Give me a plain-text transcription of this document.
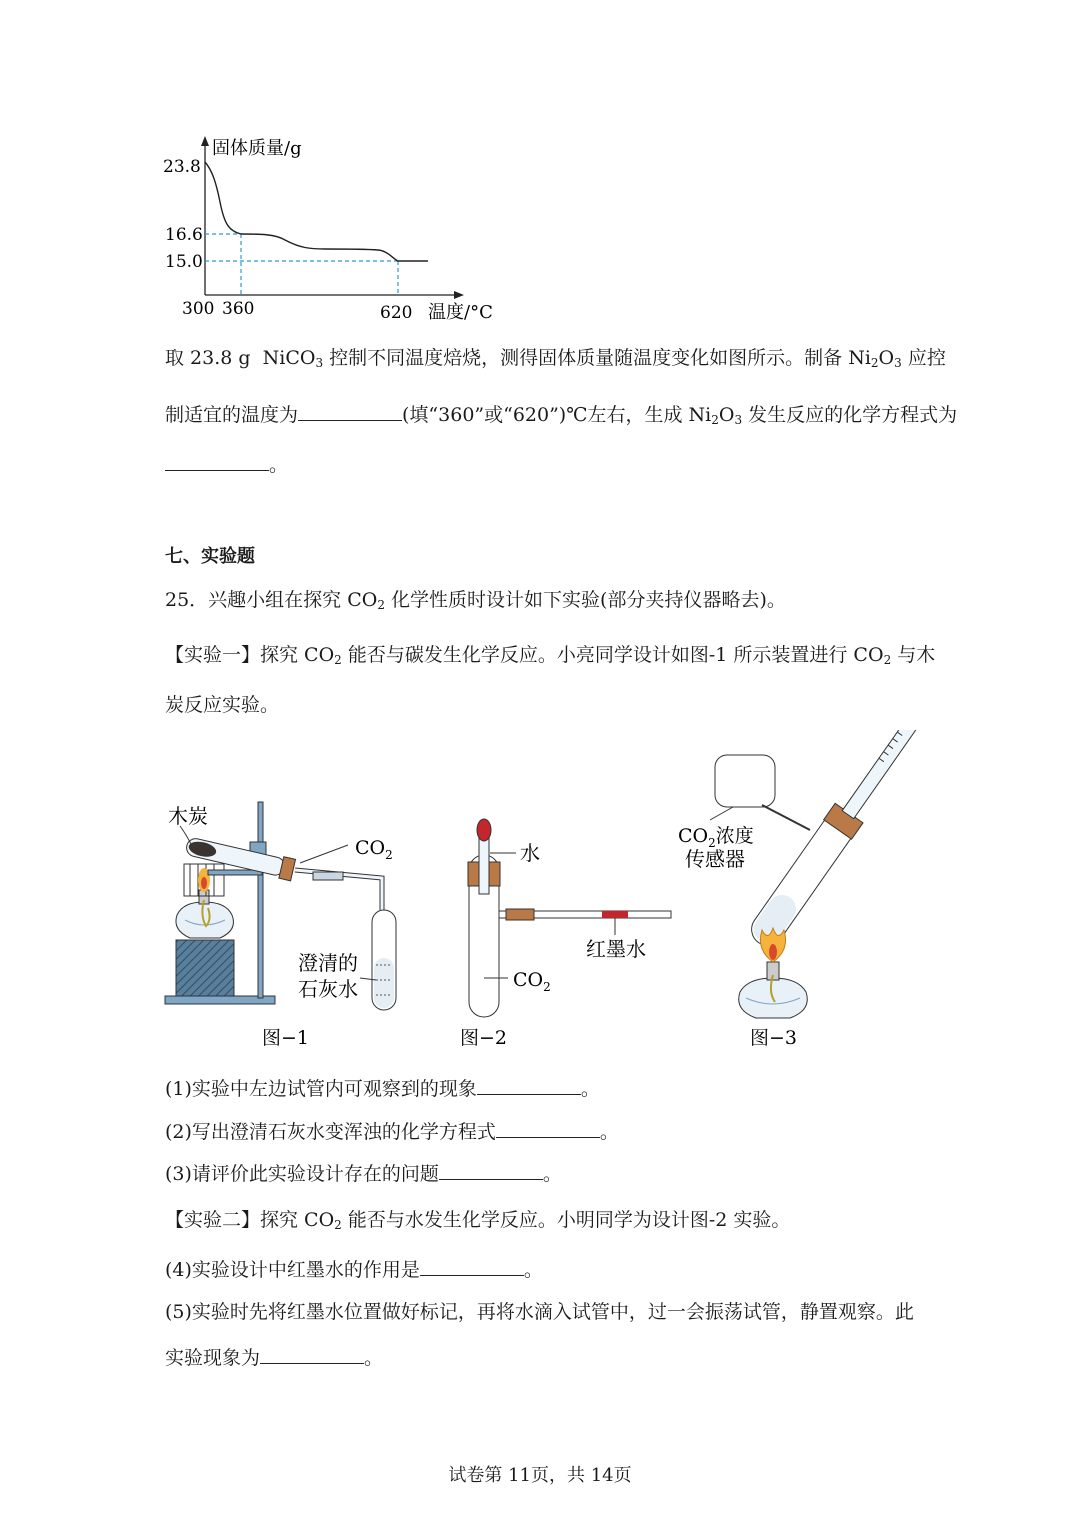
固体质量/g
23.8
16.6
15.0
300 360	620 温度/°C
取 23.8 g NiCO$_3$ 控制不同温度焙烧，测得固体质量随温度变化如图所示。制备 $Ni_2O_3$ 应控
制适宜的温度为	(填“360”或“620”)℃左右，生成 $Ni_2O_3$ 发生反应的化学方程式为
。
七、实验题
25．兴趣小组在探究 $CO_2$ 化学性质时设计如下实验(部分夹持仪器略去)。
【实验一】探究 $CO_2$ 能否与碳发生化学反应。小亮同学设计如图-1 所示装置进行 $CO_2$ 与木
炭反应实验。
木炭
$CO_2$
澄清的
石灰水
图−1
水
红墨水
$CO_2$
图−2
$CO_2$浓度
传感器
图−3
(1)实验中左边试管内可观察到的现象	。
(2)写出澄清石灰水变浑浊的化学方程式	。
(3)请评价此实验设计存在的问题	。
【实验二】探究 $CO_2$ 能否与水发生化学反应。小明同学为设计图-2 实验。
(4)实验设计中红墨水的作用是	。
(5)实验时先将红墨水位置做好标记，再将水滴入试管中，过一会振荡试管，静置观察。此
实验现象为	。
试卷第 11页，共 14页
